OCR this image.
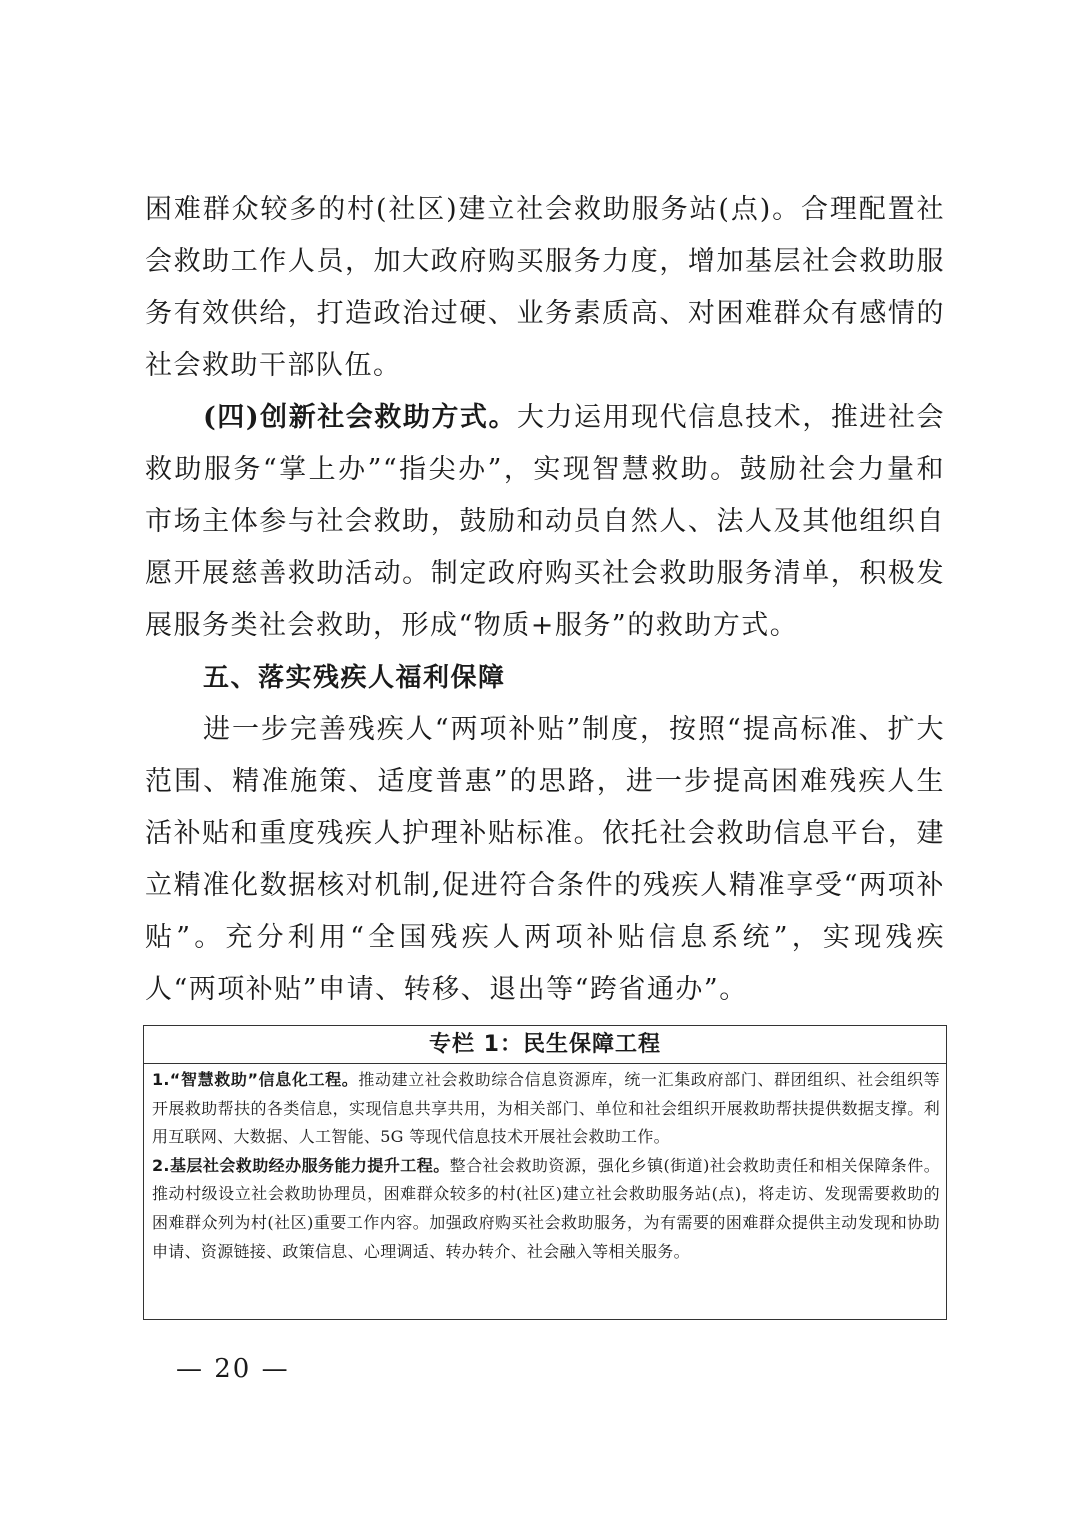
困难群众较多的村(社区)建立社会救助服务站(点)。合理配置社会救助工作人员，加大政府购买服务力度，增加基层社会救助服务有效供给，打造政治过硬、业务素质高、对困难群众有感情的社会救助干部队伍。

(四)创新社会救助方式。大力运用现代信息技术，推进社会救助服务“掌上办”“指尖办”，实现智慧救助。鼓励社会力量和市场主体参与社会救助，鼓励和动员自然人、法人及其他组织自愿开展慈善救助活动。制定政府购买社会救助服务清单，积极发展服务类社会救助，形成“物质+服务”的救助方式。

五、落实残疾人福利保障

进一步完善残疾人“两项补贴”制度，按照“提高标准、扩大范围、精准施策、适度普惠”的思路，进一步提高困难残疾人生活补贴和重度残疾人护理补贴标准。依托社会救助信息平台，建立精准化数据核对机制,促进符合条件的残疾人精准享受“两项补贴”。充分利用“全国残疾人两项补贴信息系统”，实现残疾人“两项补贴”申请、转移、退出等“跨省通办”。

专栏 1：民生保障工程

1.“智慧救助”信息化工程。推动建立社会救助综合信息资源库，统一汇集政府部门、群团组织、社会组织等开展救助帮扶的各类信息，实现信息共享共用，为相关部门、单位和社会组织开展救助帮扶提供数据支撑。利用互联网、大数据、人工智能、5G 等现代信息技术开展社会救助工作。

2.基层社会救助经办服务能力提升工程。整合社会救助资源，强化乡镇(街道)社会救助责任和相关保障条件。推动村级设立社会救助协理员，困难群众较多的村(社区)建立社会救助服务站(点)，将走访、发现需要救助的困难群众列为村(社区)重要工作内容。加强政府购买社会救助服务，为有需要的困难群众提供主动发现和协助申请、资源链接、政策信息、心理调适、转办转介、社会融入等相关服务。

— 20 —
